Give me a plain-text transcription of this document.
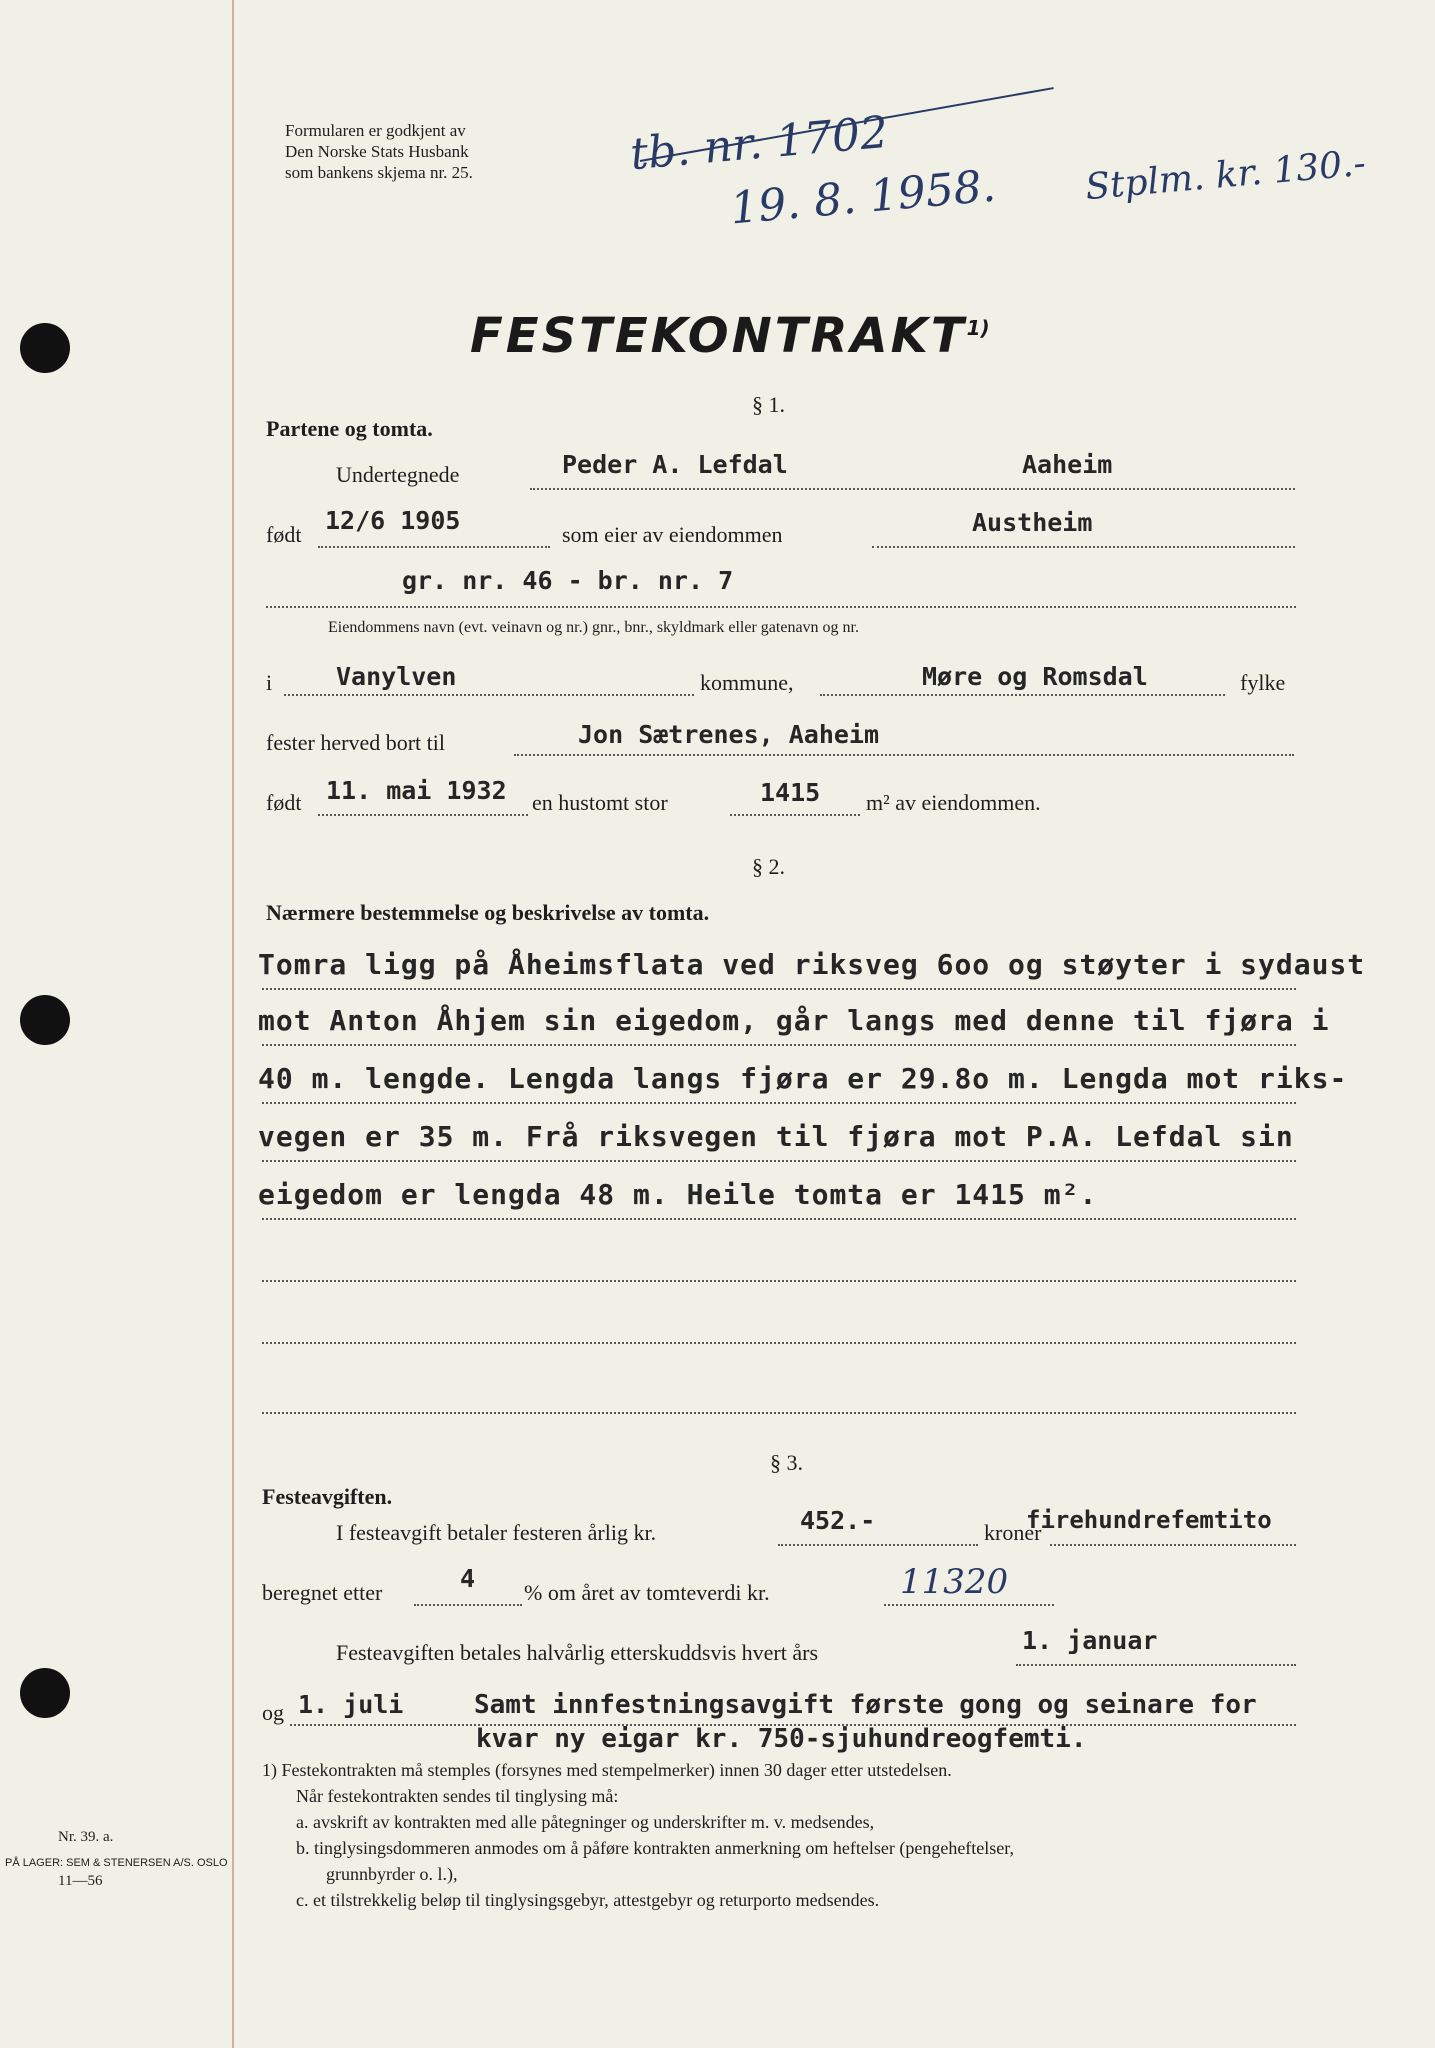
Formularen er godkjent av
Den Norske Stats Husbank
som bankens skjema nr. 25.	tb. nr. 1702
19. 8. 1958. Stplm. kr. 130.-
FESTEKONTRAKT$^{1)}$
§ 1.
Partene og tomta.
Undertegnede	Peder A. Lefdal	Aaheim
født 12/6 1905	som eier av eiendommen	Austheim
gr. nr. 46 - br. nr. 7
Eiendommens navn (evt. veinavn og nr.) gnr., bnr., skyldmark eller gatenavn og nr.
i	Vanylven	kommune,	Møre og Romsdal	fylke
fester herved bort til	Jon Sætrenes, Aaheim
født 11. mai 1932 en hustomt stor	1415 m² av eiendommen.
§ 2.
Nærmere bestemmelse og beskrivelse av tomta.
Tomra ligg på Åheimsflata ved riksveg 6oo og støyter i sydaust
mot Anton Åhjem sin eigedom, går langs med denne til fjøra i
40 m. lengde. Lengda langs fjøra er 29.8o m. Lengda mot riks-
vegen er 35 m. Frå riksvegen til fjøra mot P.A. Lefdal sin
eigedom er lengda 48 m. Heile tomta er 1415 m².
§ 3.
Festeavgiften.
I festeavgift betaler festeren årlig kr.	452.-	kroner
firehundrefemtito
beregnet etter	4 % om året av tomteverdi kr.	11320
Festeavgiften betales halvårlig etterskuddsvis hvert års	1. januar
og 1. juli	Samt innfestningsavgift første gong og seinare for
kvar ny eigar kr. 750-sjuhundreogfemti.
1) Festekontrakten må stemples (forsynes med stempelmerker) innen 30 dager etter utstedelsen.
Når festekontrakten sendes til tinglysing må:
a. avskrift av kontrakten med alle påtegninger og underskrifter m. v. medsendes,
b. tinglysingsdommeren anmodes om å påføre kontrakten anmerkning om heftelser (pengeheftelser,
grunnbyrder o. l.),
c. et tilstrekkelig beløp til tinglysingsgebyr, attestgebyr og returporto medsendes.
Nr. 39. a.
PÅ LAGER: SEM & STENERSEN A/S. OSLO
11—56
